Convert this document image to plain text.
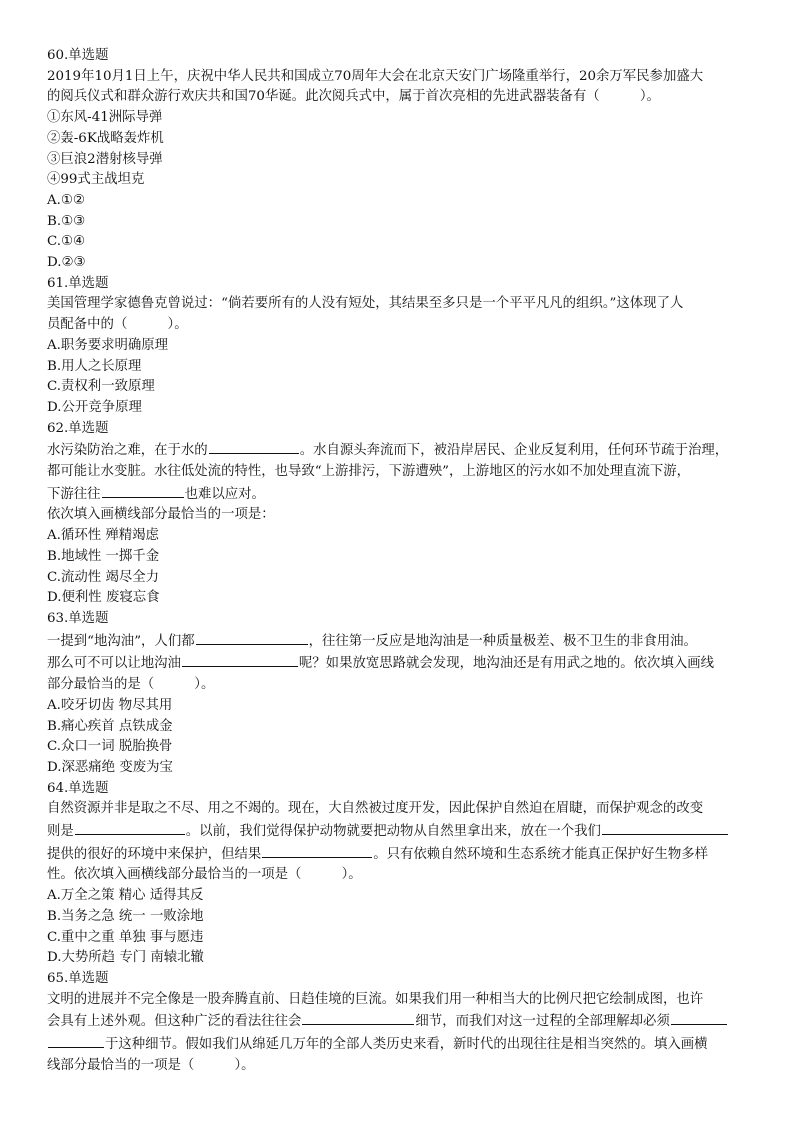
60.单选题
2019年10月1日上午，庆祝中华人民共和国成立70周年大会在北京天安门广场隆重举行，20余万军民参加盛大
的阅兵仪式和群众游行欢庆共和国70华诞。此次阅兵式中，属于首次亮相的先进武器装备有（　　　）。
①东风-41洲际导弹
②轰-6K战略轰炸机
③巨浪2潜射核导弹
④99式主战坦克
A.①②
B.①③
C.①④
D.②③
61.单选题
美国管理学家德鲁克曾说过：“倘若要所有的人没有短处，其结果至多只是一个平平凡凡的组织。”这体现了人
员配备中的（　　　）。
A.职务要求明确原理
B.用人之长原理
C.责权利一致原理
D.公开竞争原理
62.单选题
水污染防治之难，在于水的	。水自源头奔流而下，被沿岸居民、企业反复利用，任何环节疏于治理，
都可能让水变脏。水往低处流的特性，也导致“上游排污，下游遭殃”，上游地区的污水如不加处理直流下游，
下游往往	也难以应对。
依次填入画横线部分最恰当的一项是：
A.循环性 殚精竭虑
B.地域性 一掷千金
C.流动性 竭尽全力
D.便利性 废寝忘食
63.单选题
一提到“地沟油”，人们都	，往往第一反应是地沟油是一种质量极差、极不卫生的非食用油。
那么可不可以让地沟油	呢？如果放宽思路就会发现，地沟油还是有用武之地的。依次填入画线
部分最恰当的是（　　　）。
A.咬牙切齿 物尽其用
B.痛心疾首 点铁成金
C.众口一词 脱胎换骨
D.深恶痛绝 变废为宝
64.单选题
自然资源并非是取之不尽、用之不竭的。现在，大自然被过度开发，因此保护自然迫在眉睫，而保护观念的改变
则是	。以前，我们觉得保护动物就要把动物从自然里拿出来，放在一个我们
提供的很好的环境中来保护，但结果	。只有依赖自然环境和生态系统才能真正保护好生物多样
性。依次填入画横线部分最恰当的一项是（　　　）。
A.万全之策 精心 适得其反
B.当务之急 统一 一败涂地
C.重中之重 单独 事与愿违
D.大势所趋 专门 南辕北辙
65.单选题
文明的进展并不完全像是一股奔腾直前、日趋佳境的巨流。如果我们用一种相当大的比例尺把它绘制成图，也许
会具有上述外观。但这种广泛的看法往往会	细节，而我们对这一过程的全部理解却必须
于这种细节。假如我们从绵延几万年的全部人类历史来看，新时代的出现往往是相当突然的。填入画横
线部分最恰当的一项是（　　　）。
